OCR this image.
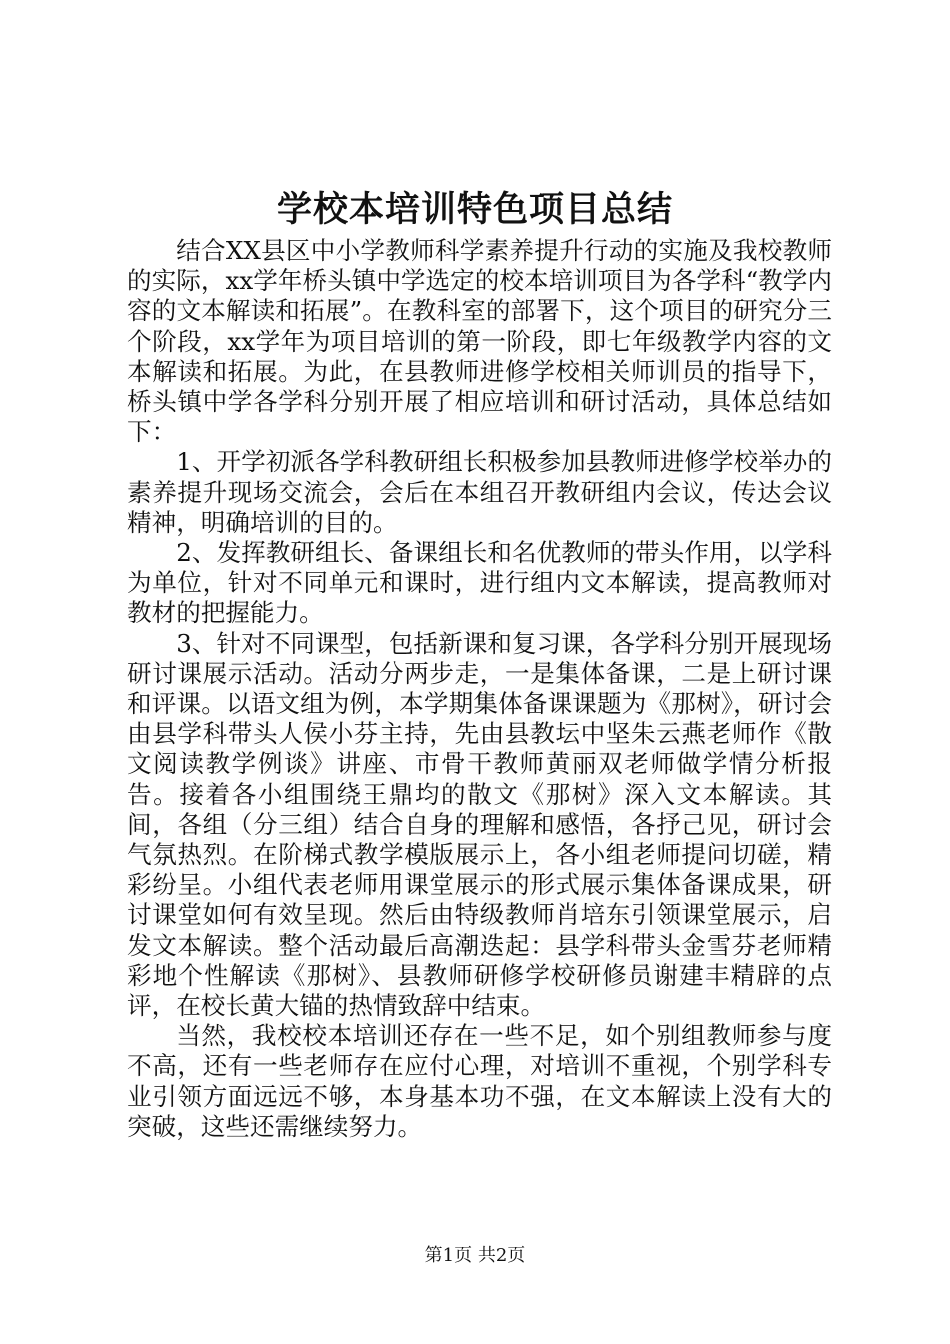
学校本培训特色项目总结

结合XX县区中小学教师科学素养提升行动的实施及我校教师的实际，xx学年桥头镇中学选定的校本培训项目为各学科“教学内容的文本解读和拓展”。在教科室的部署下，这个项目的研究分三个阶段，xx学年为项目培训的第一阶段，即七年级教学内容的文本解读和拓展。为此，在县教师进修学校相关师训员的指导下，桥头镇中学各学科分别开展了相应培训和研讨活动，具体总结如下：

1、开学初派各学科教研组长积极参加县教师进修学校举办的素养提升现场交流会，会后在本组召开教研组内会议，传达会议精神，明确培训的目的。

2、发挥教研组长、备课组长和名优教师的带头作用，以学科为单位，针对不同单元和课时，进行组内文本解读，提高教师对教材的把握能力。

3、针对不同课型，包括新课和复习课，各学科分别开展现场研讨课展示活动。活动分两步走，一是集体备课，二是上研讨课和评课。以语文组为例，本学期集体备课课题为《那树》，研讨会由县学科带头人侯小芬主持，先由县教坛中坚朱云燕老师作《散文阅读教学例谈》讲座、市骨干教师黄丽双老师做学情分析报告。接着各小组围绕王鼎均的散文《那树》深入文本解读。其间，各组（分三组）结合自身的理解和感悟，各抒己见，研讨会气氛热烈。在阶梯式教学模版展示上，各小组老师提问切磋，精彩纷呈。小组代表老师用课堂展示的形式展示集体备课成果，研讨课堂如何有效呈现。然后由特级教师肖培东引领课堂展示，启发文本解读。整个活动最后高潮迭起：县学科带头金雪芬老师精彩地个性解读《那树》、县教师研修学校研修员谢建丰精辟的点评，在校长黄大锚的热情致辞中结束。

当然，我校校本培训还存在一些不足，如个别组教师参与度不高，还有一些老师存在应付心理，对培训不重视，个别学科专业引领方面远远不够，本身基本功不强，在文本解读上没有大的突破，这些还需继续努力。

第1页 共2页
